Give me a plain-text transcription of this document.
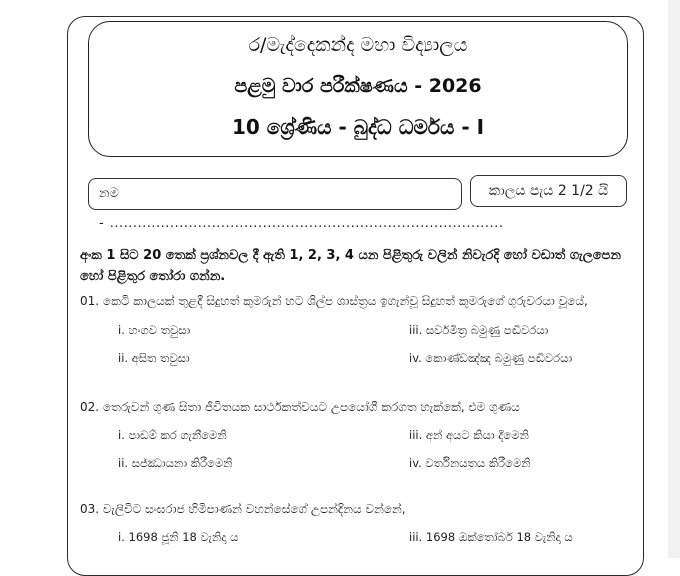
ර/මැද්දෙකන්ද මහා විද්‍යාලය
පළමු වාර පරීක්ෂණය - 2026
10 ශ්‍රේණිය - බුද්ධ ධර්මය - I
නම - .....................................................................................
කාලය පැය 2 1/2 යි
අංක 1 සිට 20 තෙක් ප්‍රශ්නවල දී ඇති 1, 2, 3, 4 යන පිළිතුරු වලින් නිවැරදි හෝ වඩාත් ගැලපෙන හෝ පිළිතුර තෝරා ගන්න.
01. කෙටි කාලයක් තුළදී සිදුහත් කුමරුන් හට ශිල්ප ශාස්ත්‍රය ඉගැන්වූ සිදුහත් කුමරුගේ ගුරුවරයා වූයේ,
i. හංගව තවුසා	iii. සර්වමිත්‍ර බමුණු පඬිවරයා
ii. අසිත තවුසා	iv. කොණ්ඩඤ්ඤ බමුණු පඬිවරයා
02. තෙරුවන් ගුණ සිතා ජීවිතයක සාර්ථකත්වයට උපයෝගී කරගත හැක්කේ, එම ගුණය
i. පාඩම් කර ගැනීමෙනි	iii. අන් අයට කියා දීමෙනි
ii. සජ්ඣායනා කිරීමෙනි	iv. වර්තිනයතය කිරීමෙනි
03. වැලිවිට සංඝරාජ හිමිපාණන් වහන්සේගේ උපන්දිනය වන්නේ,
i. 1698 ජූනි 18 වැනිදා ය	iii. 1698 ඔක්තෝබර් 18 වැනිදා ය
